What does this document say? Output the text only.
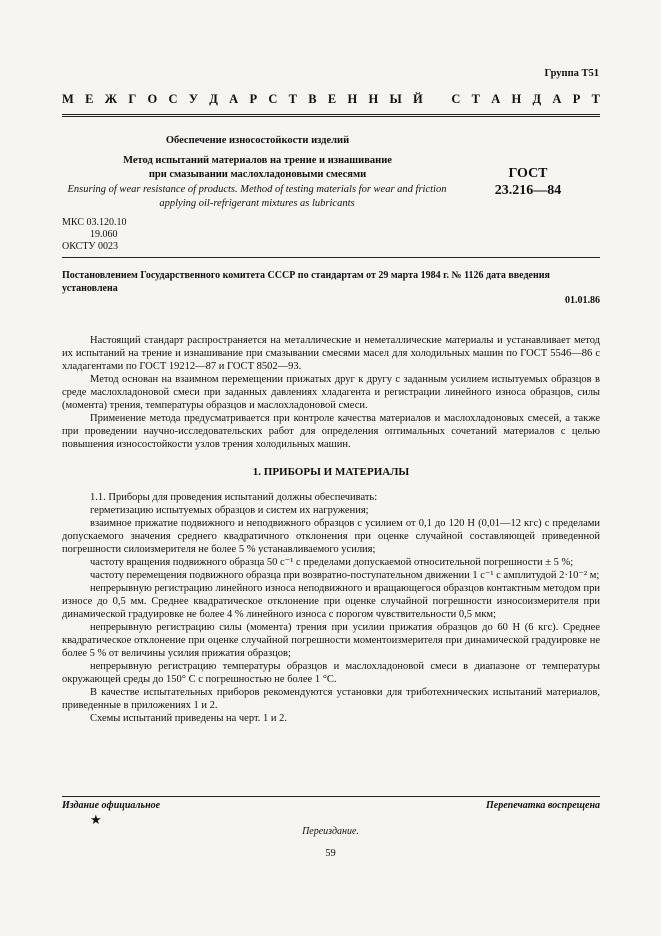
Группа Т51
М Е Ж Г О С У Д А Р С Т В Е Н Н Ы Й С Т А Н Д А Р Т
Обеспечение износостойкости изделий
Метод испытаний материалов на трение и изнашивание
при смазывании маслохладоновыми смесями
Ensuring of wear resistance of products. Method of testing materials for wear and friction applying oil-refrigerant mixtures as lubricants
ГОСТ
23.216—84
МКС 03.120.10
19.060
ОКСТУ 0023
Постановлением Государственного комитета СССР по стандартам от 29 марта 1984 г. № 1126 дата введения установлена
01.01.86

Настоящий стандарт распространяется на металлические и неметаллические материалы и устанавливает метод их испытаний на трение и изнашивание при смазывании смесями масел для холодильных машин по ГОСТ 5546—86 с хладагентами по ГОСТ 19212—87 и ГОСТ 8502—93.

Метод основан на взаимном перемещении прижатых друг к другу с заданным усилием испытуемых образцов в среде маслохладоновой смеси при заданных давлениях хладагента и регистрации линейного износа образцов, силы (момента) трения, температуры образцов и маслохладоновой смеси.

Применение метода предусматривается при контроле качества материалов и маслохладоновых смесей, а также при проведении научно-исследовательских работ для определения оптимальных сочетаний материалов с целью повышения износостойкости узлов трения холодильных машин.

1. ПРИБОРЫ И МАТЕРИАЛЫ

1.1. Приборы для проведения испытаний должны обеспечивать:

герметизацию испытуемых образцов и систем их нагружения;

взаимное прижатие подвижного и неподвижного образцов с усилием от 0,1 до 120 Н (0,01—12 кгс) с пределами допускаемого значения среднего квадратичного отклонения при оценке случайной составляющей приведенной погрешности силоизмерителя не более 5 % устанавливаемого усилия;

частоту вращения подвижного образца 50 с⁻¹ с пределами допускаемой относительной погрешности ± 5 %;

частоту перемещения подвижного образца при возвратно-поступательном движении 1 с⁻¹ с амплитудой 2·10⁻² м;

непрерывную регистрацию линейного износа неподвижного и вращающегося образцов контактным методом при износе до 0,5 мм. Среднее квадратическое отклонение при оценке случайной погрешности износоизмерителя при динамической градуировке не более 4 % линейного износа с порогом чувствительности 0,5 мкм;

непрерывную регистрацию силы (момента) трения при усилии прижатия образцов до 60 Н (6 кгс). Среднее квадратическое отклонение при оценке случайной погрешности моментоизмерителя при динамической градуировке не более 5 % от величины усилия прижатия образцов;

непрерывную регистрацию температуры образцов и маслохладоновой смеси в диапазоне от температуры окружающей среды до 150° С с погрешностью не более 1 °С.

В качестве испытательных приборов рекомендуются установки для триботехнических испытаний материалов, приведенные в приложениях 1 и 2.

Схемы испытаний приведены на черт. 1 и 2.

Издание официальное	Перепечатка воспрещена
★
Переиздание.
59
